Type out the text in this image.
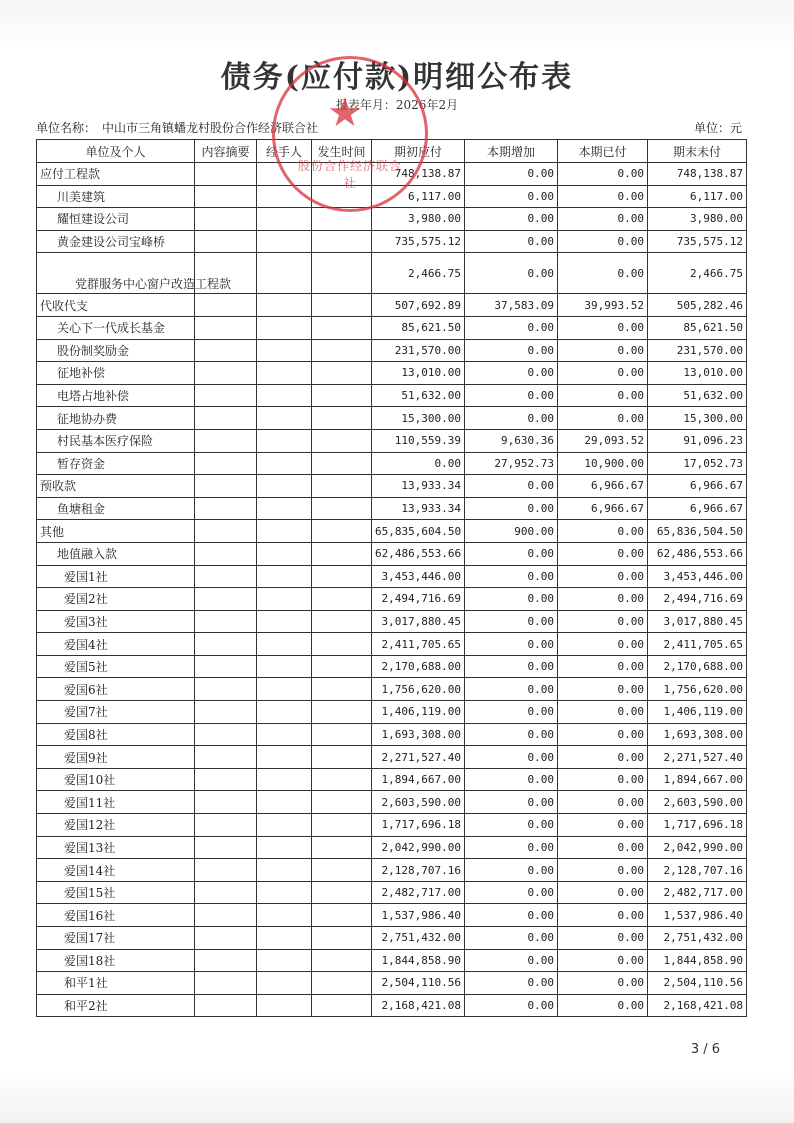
债务(应付款)明细公布表
报表年月：2026年2月
单位名称：　中山市三角镇蟠龙村股份合作经济联合社	单位：元
单位及个人	内容摘要	经手人	发生时间	期初应付	本期增加	本期已付	期末未付
应付工程款				748,138.87	0.00	0.00	748,138.87
川美建筑				6,117.00	0.00	0.00	6,117.00
耀恒建设公司				3,980.00	0.00	0.00	3,980.00
黄金建设公司宝峰桥				735,575.12	0.00	0.00	735,575.12
党群服务中心窗户改造工程款				2,466.75	0.00	0.00	2,466.75
代收代支				507,692.89	37,583.09	39,993.52	505,282.46
关心下一代成长基金				85,621.50	0.00	0.00	85,621.50
股份制奖励金				231,570.00	0.00	0.00	231,570.00
征地补偿				13,010.00	0.00	0.00	13,010.00
电塔占地补偿				51,632.00	0.00	0.00	51,632.00
征地协办费				15,300.00	0.00	0.00	15,300.00
村民基本医疗保险				110,559.39	9,630.36	29,093.52	91,096.23
暂存资金				0.00	27,952.73	10,900.00	17,052.73
预收款				13,933.34	0.00	6,966.67	6,966.67
鱼塘租金				13,933.34	0.00	6,966.67	6,966.67
其他				65,835,604.50	900.00	0.00	65,836,504.50
地值融入款				62,486,553.66	0.00	0.00	62,486,553.66
爱国1社				3,453,446.00	0.00	0.00	3,453,446.00
爱国2社				2,494,716.69	0.00	0.00	2,494,716.69
爱国3社				3,017,880.45	0.00	0.00	3,017,880.45
爱国4社				2,411,705.65	0.00	0.00	2,411,705.65
爱国5社				2,170,688.00	0.00	0.00	2,170,688.00
爱国6社				1,756,620.00	0.00	0.00	1,756,620.00
爱国7社				1,406,119.00	0.00	0.00	1,406,119.00
爱国8社				1,693,308.00	0.00	0.00	1,693,308.00
爱国9社				2,271,527.40	0.00	0.00	2,271,527.40
爱国10社				1,894,667.00	0.00	0.00	1,894,667.00
爱国11社				2,603,590.00	0.00	0.00	2,603,590.00
爱国12社				1,717,696.18	0.00	0.00	1,717,696.18
爱国13社				2,042,990.00	0.00	0.00	2,042,990.00
爱国14社				2,128,707.16	0.00	0.00	2,128,707.16
爱国15社				2,482,717.00	0.00	0.00	2,482,717.00
爱国16社				1,537,986.40	0.00	0.00	1,537,986.40
爱国17社				2,751,432.00	0.00	0.00	2,751,432.00
爱国18社				1,844,858.90	0.00	0.00	1,844,858.90
和平1社				2,504,110.56	0.00	0.00	2,504,110.56
和平2社				2,168,421.08	0.00	0.00	2,168,421.08
★
股份合作经济联合社
3 / 6
